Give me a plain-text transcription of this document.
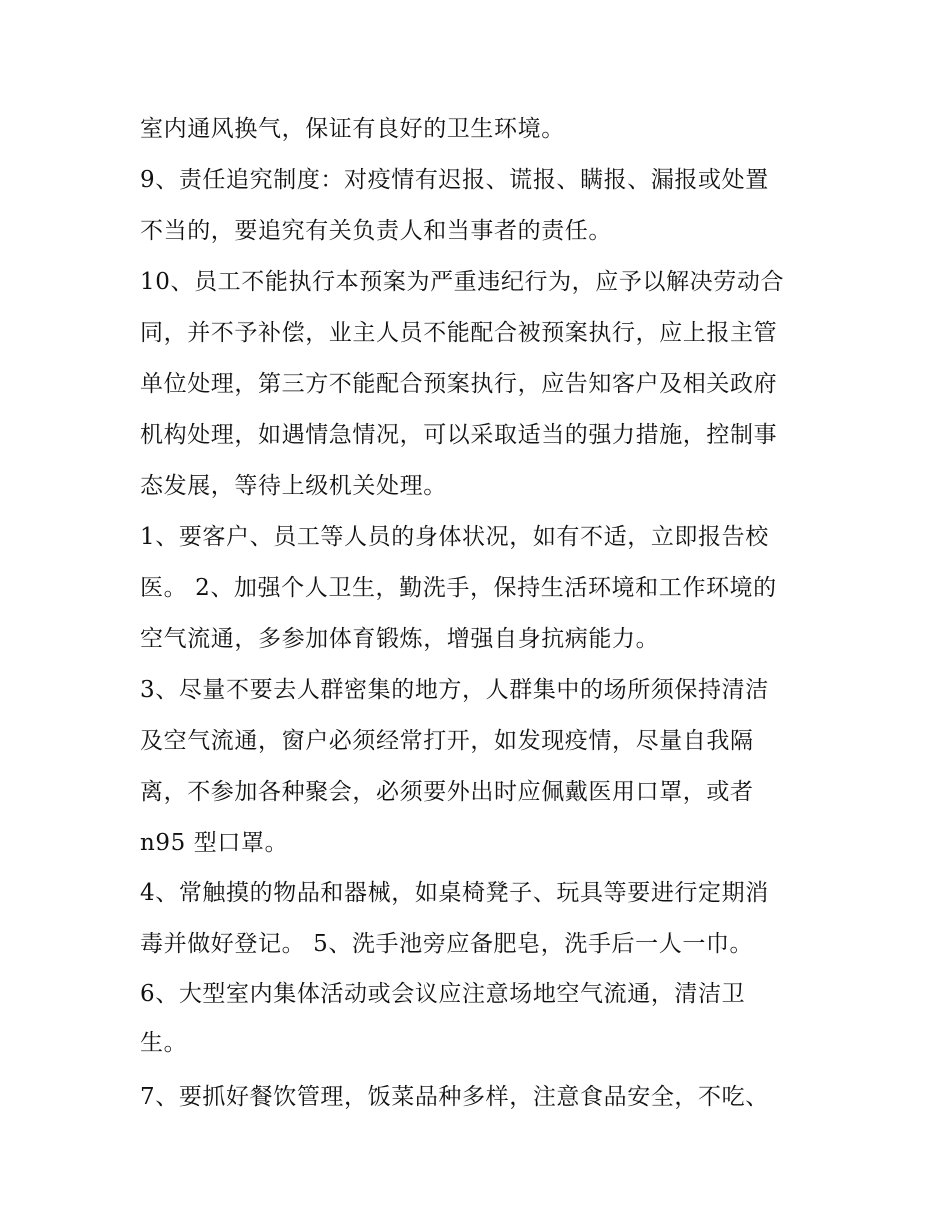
室内通风换气，保证有良好的卫生环境。
9、责任追究制度：对疫情有迟报、谎报、瞒报、漏报或处置
不当的，要追究有关负责人和当事者的责任。
10、员工不能执行本预案为严重违纪行为，应予以解决劳动合
同，并不予补偿，业主人员不能配合被预案执行，应上报主管
单位处理，第三方不能配合预案执行，应告知客户及相关政府
机构处理，如遇情急情况，可以采取适当的强力措施，控制事
态发展，等待上级机关处理。
1、要客户、员工等人员的身体状况，如有不适，立即报告校
医。 2、加强个人卫生，勤洗手，保持生活环境和工作环境的
空气流通，多参加体育锻炼，增强自身抗病能力。
3、尽量不要去人群密集的地方，人群集中的场所须保持清洁
及空气流通，窗户必须经常打开，如发现疫情，尽量自我隔
离，不参加各种聚会，必须要外出时应佩戴医用口罩，或者
n95 型口罩。
4、常触摸的物品和器械，如桌椅凳子、玩具等要进行定期消
毒并做好登记。 5、洗手池旁应备肥皂，洗手后一人一巾。
6、大型室内集体活动或会议应注意场地空气流通，清洁卫
生。
7、要抓好餐饮管理，饭菜品种多样，注意食品安全，不吃、
